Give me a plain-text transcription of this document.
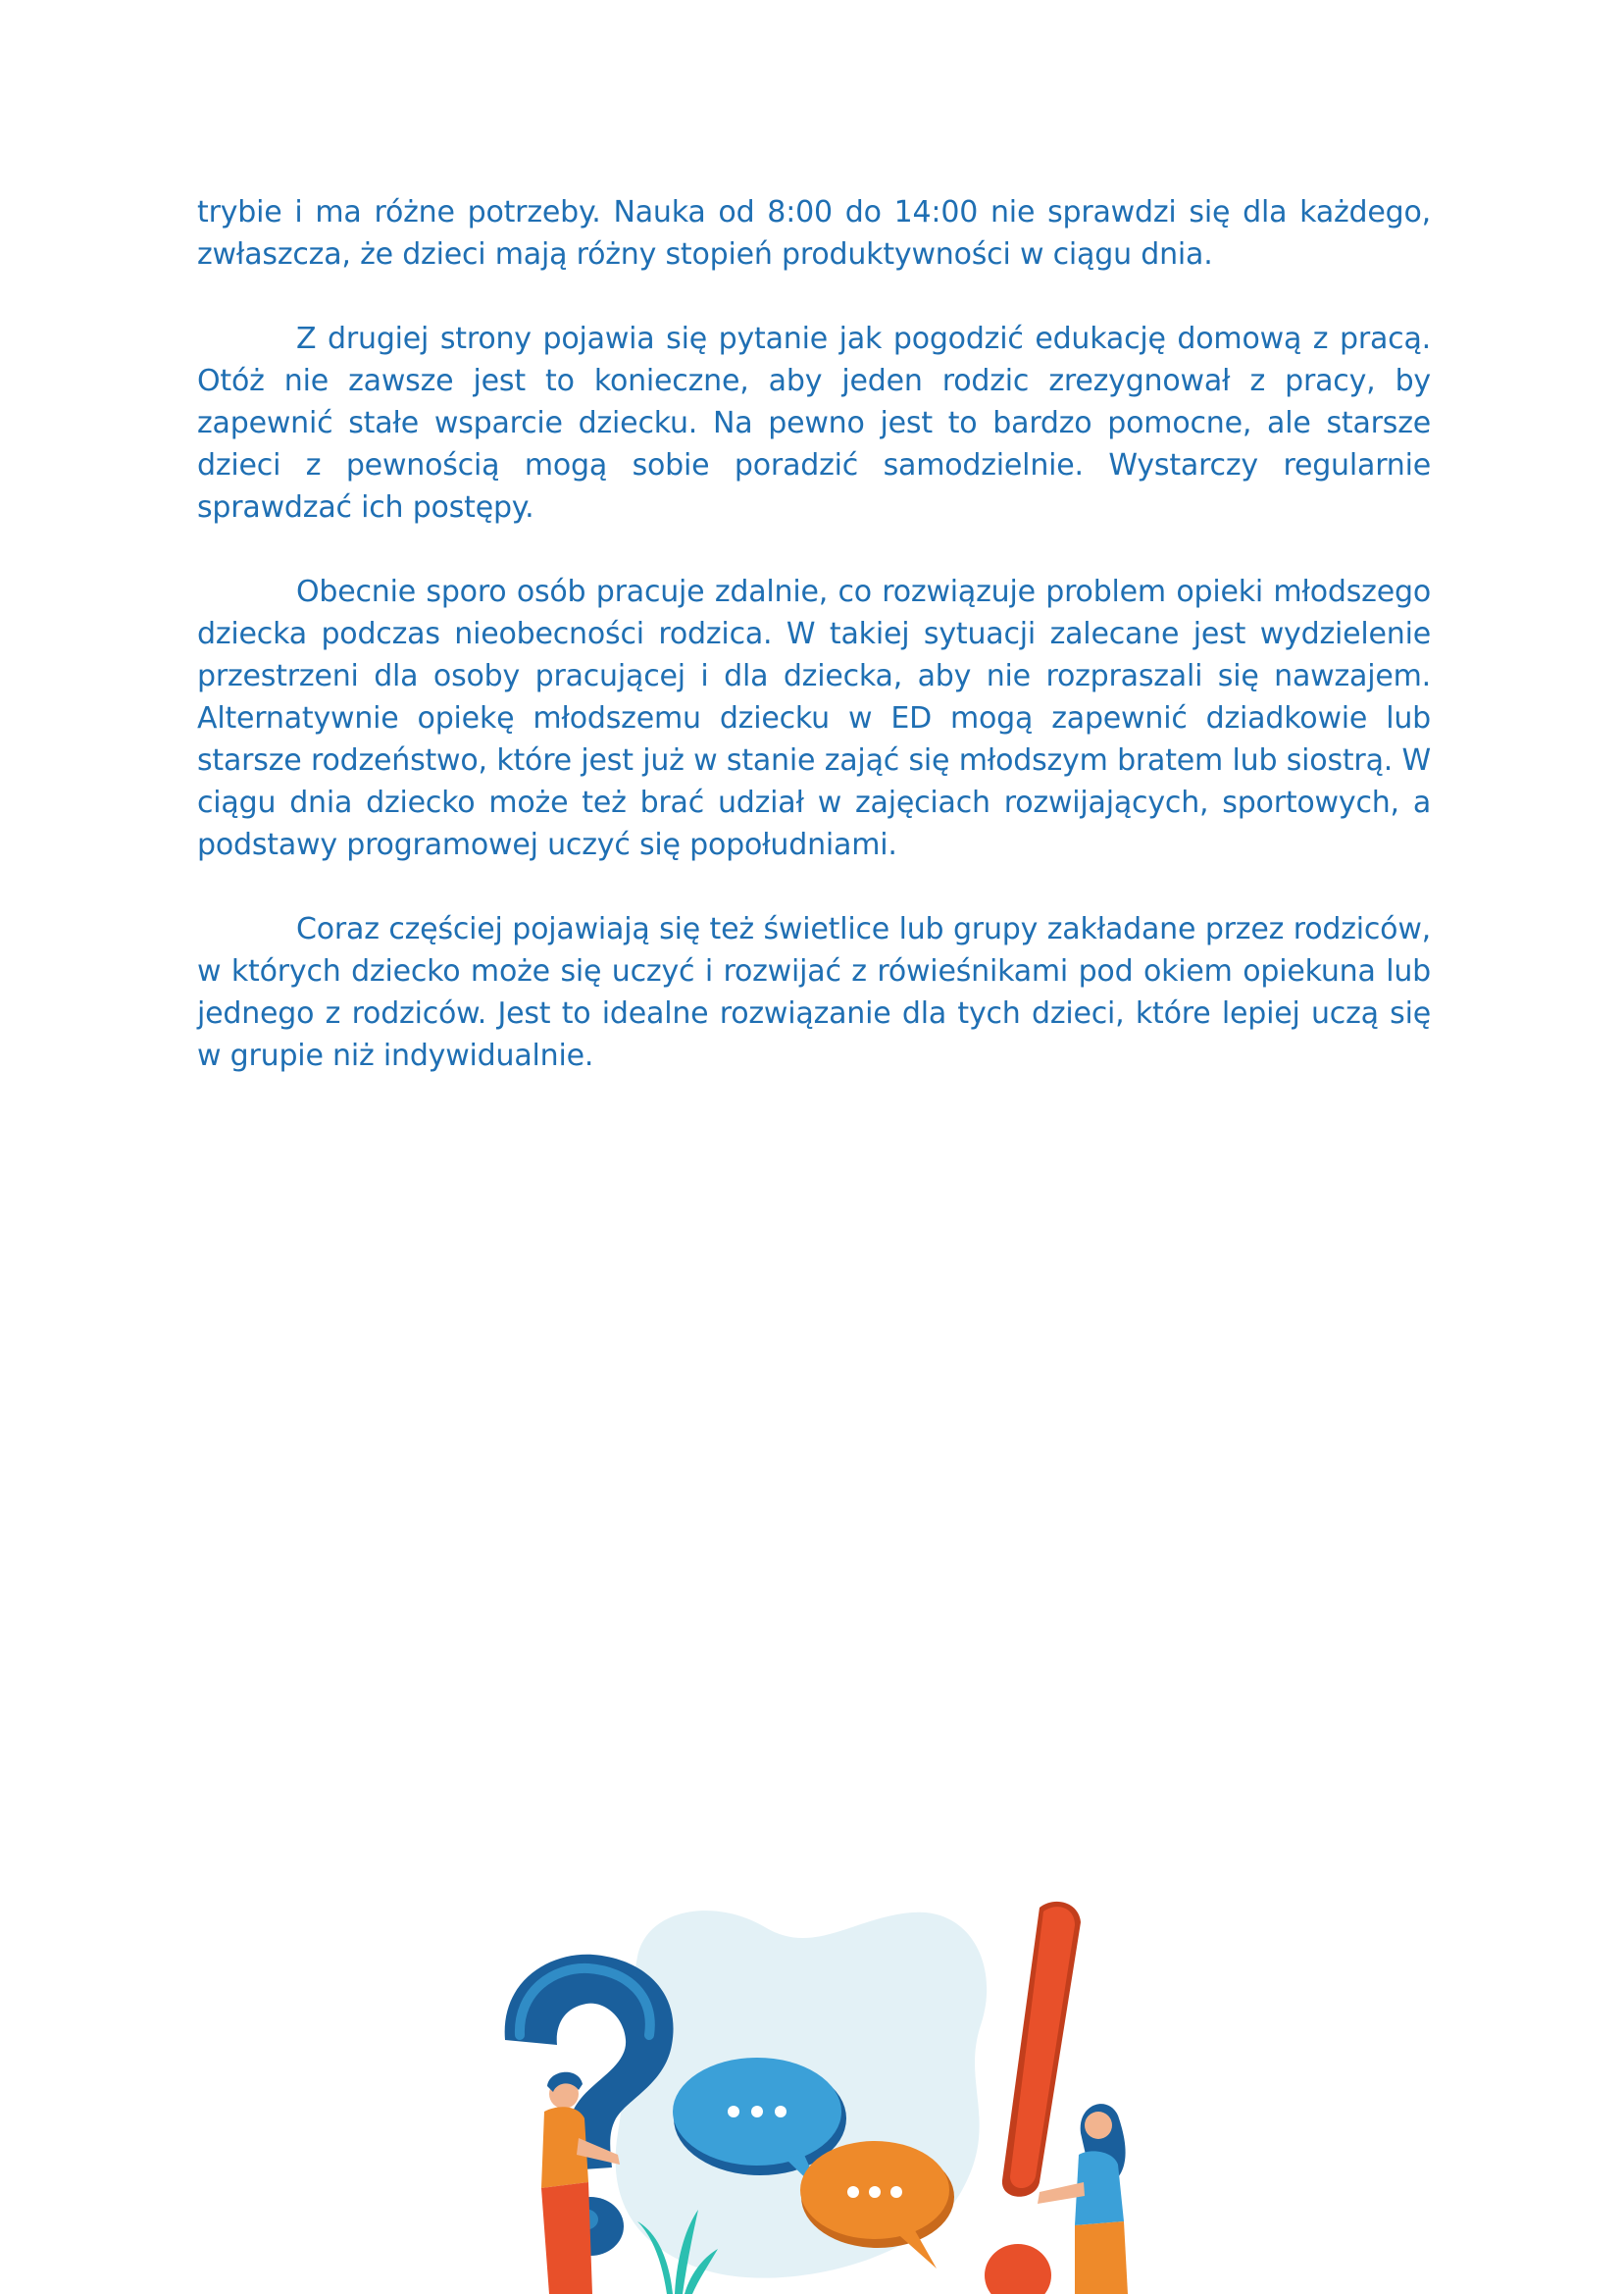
trybie i ma różne potrzeby. Nauka od 8:00 do 14:00 nie sprawdzi się dla każdego, zwłaszcza, że dzieci mają różny stopień produktywności w ciągu dnia.

Z drugiej strony pojawia się pytanie jak pogodzić edukację domową z pracą. Otóż nie zawsze jest to konieczne, aby jeden rodzic zrezygnował z pracy, by zapewnić stałe wsparcie dziecku. Na pewno jest to bardzo pomocne, ale starsze dzieci z pewnością mogą sobie poradzić samodzielnie. Wystarczy regularnie sprawdzać ich postępy.

Obecnie sporo osób pracuje zdalnie, co rozwiązuje problem opieki młodszego dziecka podczas nieobecności rodzica. W takiej sytuacji zalecane jest wydzielenie przestrzeni dla osoby pracującej i dla dziecka, aby nie rozpraszali się nawzajem. Alternatywnie opiekę młodszemu dziecku w ED mogą zapewnić dziadkowie lub starsze rodzeństwo, które jest już w stanie zająć się młodszym bratem lub siostrą. W ciągu dnia dziecko może też brać udział w zajęciach rozwijających, sportowych, a podstawy programowej uczyć się popołudniami.

Coraz częściej pojawiają się też świetlice lub grupy zakładane przez rodziców, w których dziecko może się uczyć i rozwijać z rówieśnikami pod okiem opiekuna lub jednego z rodziców. Jest to idealne rozwiązanie dla tych dzieci, które lepiej uczą się w grupie niż indywidualnie.
